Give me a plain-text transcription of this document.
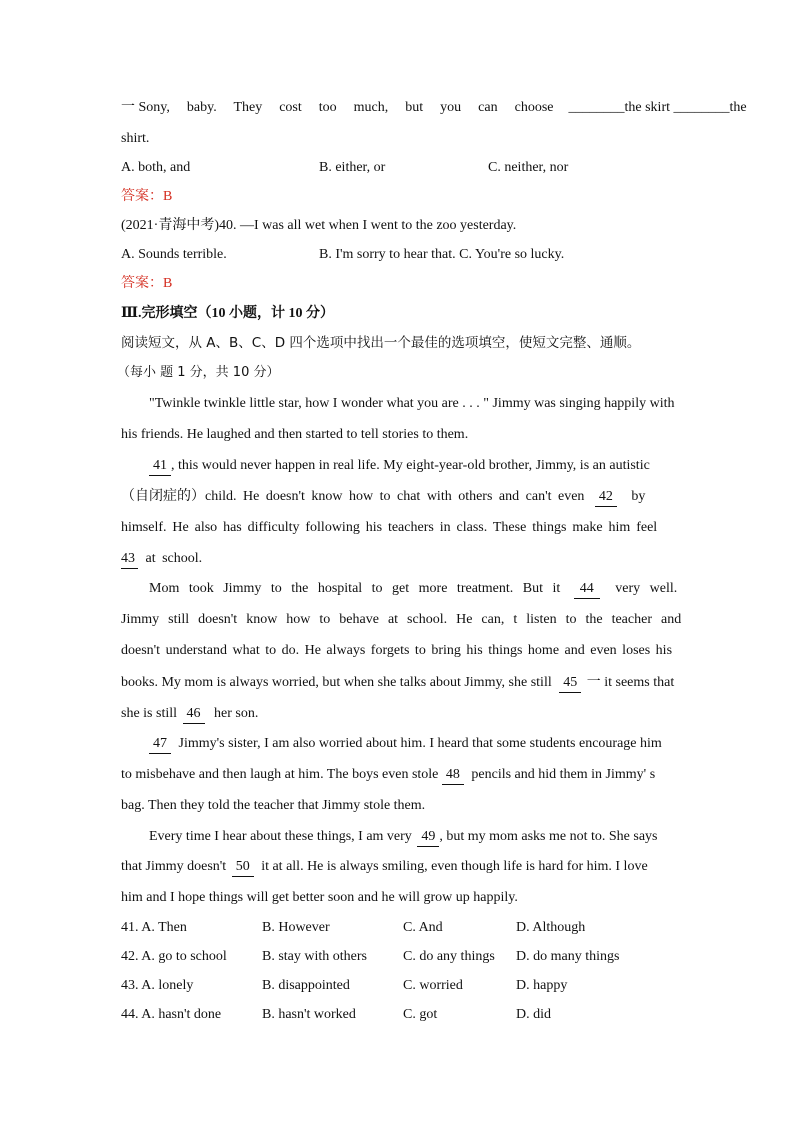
一 Sony, baby. They cost too much, but you can choose ________the skirt ________the
shirt.
A. both, and	B. either, or	C. neither, nor
答案：B
(2021·青海中考)40. —I was all wet when I went to the zoo yesterday.
A. Sounds terrible.	B. I'm sorry to hear that. C. You're so lucky.
答案：B
Ⅲ.完形填空（10 小题，计 10 分）
阅读短文，从 A、B、C、D 四个选项中找出一个最佳的选项填空，使短文完整、通顺。
（每小 题 1 分，共 10 分）
"Twinkle twinkle little star, how I wonder what you are . . . " Jimmy was singing happily with
his friends. He laughed and then started to tell stories to them.
41 , this would never happen in real life. My eight-year-old brother, Jimmy, is an autistic
（自闭症的）child. He doesn't know how to chat with others and can't even 42 by
himself. He also has difficulty following his teachers in class. These things make him feel
43 at school.
Mom took Jimmy to the hospital to get more treatment. But it 44 very well.
Jimmy still doesn't know how to behave at school. He can, t listen to the teacher and
doesn't understand what to do. He always forgets to bring his things home and even loses his
books. My mom is always worried, but when she talks about Jimmy, she still 45 一 it seems that
she is still 46 her son.
47 Jimmy's sister, I am also worried about him. I heard that some students encourage him
to misbehave and then laugh at him. The boys even stole 48 pencils and hid them in Jimmy' s
bag. Then they told the teacher that Jimmy stole them.
Every time I hear about these things, I am very 49 , but my mom asks me not to. She says
that Jimmy doesn't 50 it at all. He is always smiling, even though life is hard for him. I love
him and I hope things will get better soon and he will grow up happily.
41. A. Then	B. However	C. And	D. Although
42. A. go to school	B. stay with others	C. do any things D. do many things
43. A. lonely	B. disappointed	C. worried	D. happy
44. A. hasn't done	B. hasn't worked	C. got	D. did
